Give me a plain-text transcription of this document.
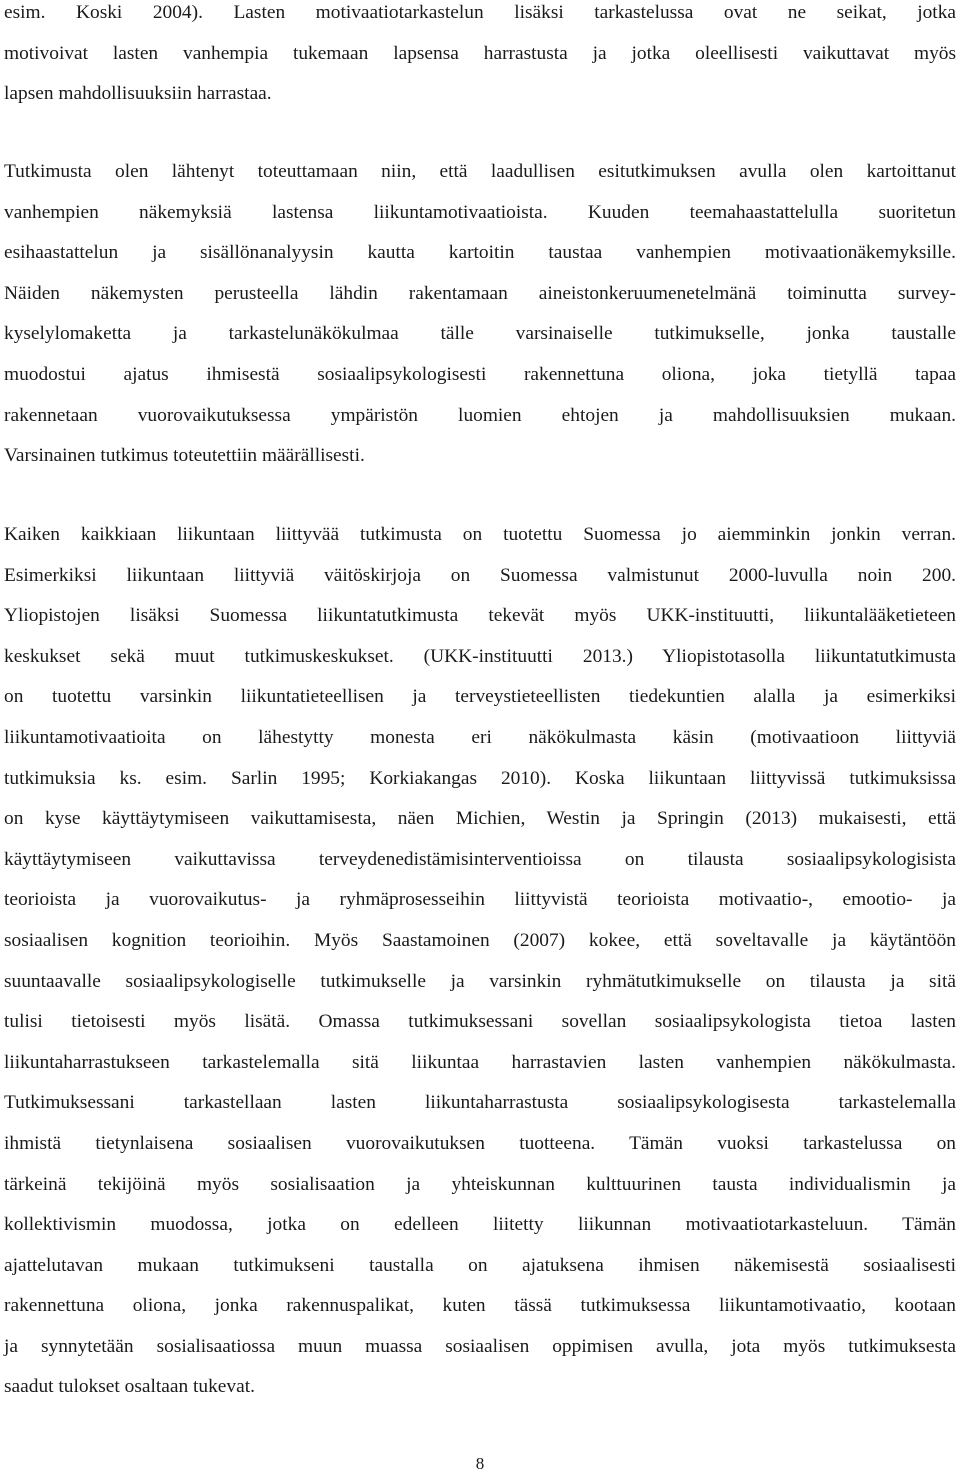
esim. Koski 2004). Lasten motivaatiotarkastelun lisäksi tarkastelussa ovat ne seikat, jotka
motivoivat lasten vanhempia tukemaan lapsensa harrastusta ja jotka oleellisesti vaikuttavat myös
lapsen mahdollisuuksiin harrastaa.
Tutkimusta olen lähtenyt toteuttamaan niin, että laadullisen esitutkimuksen avulla olen kartoittanut
vanhempien näkemyksiä lastensa liikuntamotivaatioista. Kuuden teemahaastattelulla suoritetun
esihaastattelun ja sisällönanalyysin kautta kartoitin taustaa vanhempien motivaationäkemyksille.
Näiden näkemysten perusteella lähdin rakentamaan aineistonkeruumenetelmänä toiminutta survey-
kyselylomaketta ja tarkastelunäkökulmaa tälle varsinaiselle tutkimukselle, jonka taustalle
muodostui ajatus ihmisestä sosiaalipsykologisesti rakennettuna oliona, joka tietyllä tapaa
rakennetaan vuorovaikutuksessa ympäristön luomien ehtojen ja mahdollisuuksien mukaan.
Varsinainen tutkimus toteutettiin määrällisesti.
Kaiken kaikkiaan liikuntaan liittyvää tutkimusta on tuotettu Suomessa jo aiemminkin jonkin verran.
Esimerkiksi liikuntaan liittyviä väitöskirjoja on Suomessa valmistunut 2000-luvulla noin 200.
Yliopistojen lisäksi Suomessa liikuntatutkimusta tekevät myös UKK-instituutti, liikuntalääketieteen
keskukset sekä muut tutkimuskeskukset. (UKK-instituutti 2013.) Yliopistotasolla liikuntatutkimusta
on tuotettu varsinkin liikuntatieteellisen ja terveystieteellisten tiedekuntien alalla ja esimerkiksi
liikuntamotivaatioita on lähestytty monesta eri näkökulmasta käsin (motivaatioon liittyviä
tutkimuksia ks. esim. Sarlin 1995; Korkiakangas 2010). Koska liikuntaan liittyvissä tutkimuksissa
on kyse käyttäytymiseen vaikuttamisesta, näen Michien, Westin ja Springin (2013) mukaisesti, että
käyttäytymiseen vaikuttavissa terveydenedistämisinterventioissa on tilausta sosiaalipsykologisista
teorioista ja vuorovaikutus- ja ryhmäprosesseihin liittyvistä teorioista motivaatio-, emootio- ja
sosiaalisen kognition teorioihin. Myös Saastamoinen (2007) kokee, että soveltavalle ja käytäntöön
suuntaavalle sosiaalipsykologiselle tutkimukselle ja varsinkin ryhmätutkimukselle on tilausta ja sitä
tulisi tietoisesti myös lisätä. Omassa tutkimuksessani sovellan sosiaalipsykologista tietoa lasten
liikuntaharrastukseen tarkastelemalla sitä liikuntaa harrastavien lasten vanhempien näkökulmasta.
Tutkimuksessani tarkastellaan lasten liikuntaharrastusta sosiaalipsykologisesta tarkastelemalla
ihmistä tietynlaisena sosiaalisen vuorovaikutuksen tuotteena. Tämän vuoksi tarkastelussa on
tärkeinä tekijöinä myös sosialisaation ja yhteiskunnan kulttuurinen tausta individualismin ja
kollektivismin muodossa, jotka on edelleen liitetty liikunnan motivaatiotarkasteluun. Tämän
ajattelutavan mukaan tutkimukseni taustalla on ajatuksena ihmisen näkemisestä sosiaalisesti
rakennettuna oliona, jonka rakennuspalikat, kuten tässä tutkimuksessa liikuntamotivaatio, kootaan
ja synnytetään sosialisaatiossa muun muassa sosiaalisen oppimisen avulla, jota myös tutkimuksesta
saadut tulokset osaltaan tukevat.
8
